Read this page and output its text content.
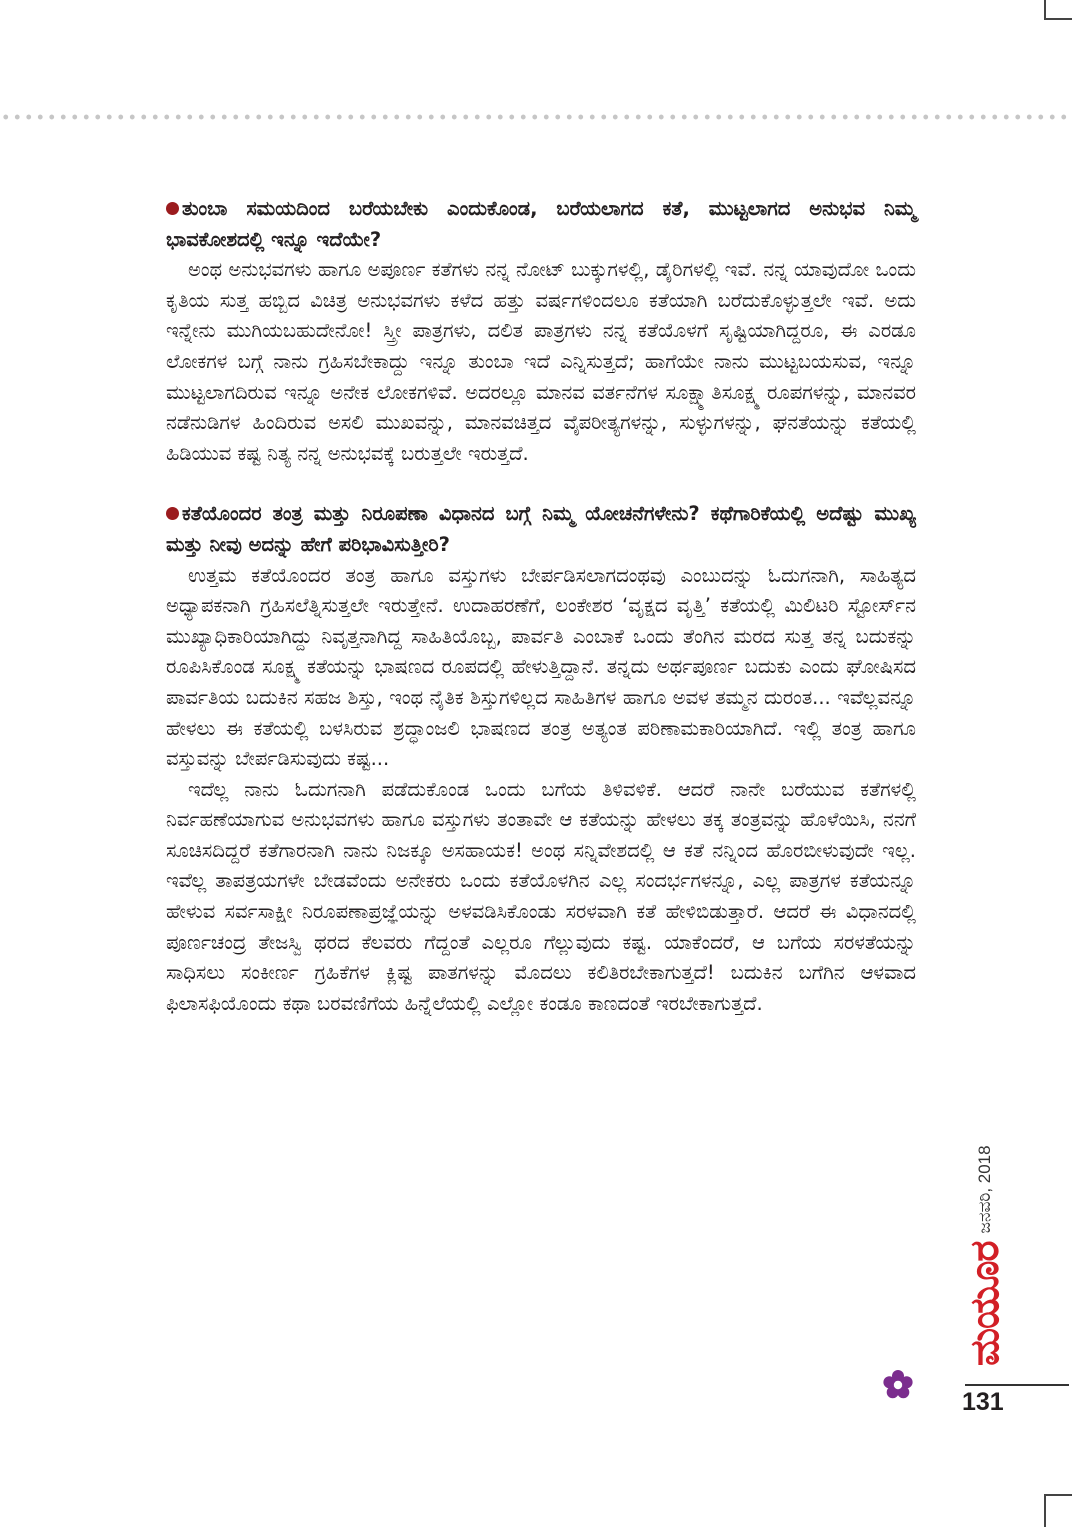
ತುಂಬಾ ಸಮಯದಿಂದ ಬರೆಯಬೇಕು ಎಂದುಕೊಂಡ, ಬರೆಯಲಾಗದ ಕತೆ, ಮುಟ್ಟಲಾಗದ ಅನುಭವ ನಿಮ್ಮ ಭಾವಕೋಶದಲ್ಲಿ ಇನ್ನೂ ಇದೆಯೇ?

ಅಂಥ ಅನುಭವಗಳು ಹಾಗೂ ಅಪೂರ್ಣ ಕತೆಗಳು ನನ್ನ ನೋಟ್ ಬುಕ್ಕುಗಳಲ್ಲಿ, ಡೈರಿಗಳಲ್ಲಿ ಇವೆ. ನನ್ನ ಯಾವುದೋ ಒಂದು ಕೃತಿಯ ಸುತ್ತ ಹಬ್ಬಿದ ವಿಚಿತ್ರ ಅನುಭವಗಳು ಕಳೆದ ಹತ್ತು ವರ್ಷಗಳಿಂದಲೂ ಕತೆಯಾಗಿ ಬರೆದುಕೊಳ್ಳುತ್ತಲೇ ಇವೆ. ಅದು ಇನ್ನೇನು ಮುಗಿಯಬಹುದೇನೋ! ಸ್ತ್ರೀ ಪಾತ್ರಗಳು, ದಲಿತ ಪಾತ್ರಗಳು ನನ್ನ ಕತೆಯೊಳಗೆ ಸೃಷ್ಟಿಯಾಗಿದ್ದರೂ, ಈ ಎರಡೂ ಲೋಕಗಳ ಬಗ್ಗೆ ನಾನು ಗ್ರಹಿಸಬೇಕಾದ್ದು ಇನ್ನೂ ತುಂಬಾ ಇದೆ ಎನ್ನಿಸುತ್ತದೆ; ಹಾಗೆಯೇ ನಾನು ಮುಟ್ಟಬಯಸುವ, ಇನ್ನೂ ಮುಟ್ಟಲಾಗದಿರುವ ಇನ್ನೂ ಅನೇಕ ಲೋಕಗಳಿವೆ. ಅದರಲ್ಲೂ ಮಾನವ ವರ್ತನೆಗಳ ಸೂಕ್ಷ್ಮಾತಿಸೂಕ್ಷ್ಮ ರೂಪಗಳನ್ನು, ಮಾನವರ ನಡೆನುಡಿಗಳ ಹಿಂದಿರುವ ಅಸಲಿ ಮುಖವನ್ನು, ಮಾನವಚಿತ್ತದ ವೈಪರೀತ್ಯಗಳನ್ನು, ಸುಳ್ಳುಗಳನ್ನು, ಘನತೆಯನ್ನು ಕತೆಯಲ್ಲಿ ಹಿಡಿಯುವ ಕಷ್ಟ ನಿತ್ಯ ನನ್ನ ಅನುಭವಕ್ಕೆ ಬರುತ್ತಲೇ ಇರುತ್ತದೆ.

ಕತೆಯೊಂದರ ತಂತ್ರ ಮತ್ತು ನಿರೂಪಣಾ ವಿಧಾನದ ಬಗ್ಗೆ ನಿಮ್ಮ ಯೋಚನೆಗಳೇನು? ಕಥೆಗಾರಿಕೆಯಲ್ಲಿ ಅದೆಷ್ಟು ಮುಖ್ಯ ಮತ್ತು ನೀವು ಅದನ್ನು ಹೇಗೆ ಪರಿಭಾವಿಸುತ್ತೀರಿ?

ಉತ್ತಮ ಕತೆಯೊಂದರ ತಂತ್ರ ಹಾಗೂ ವಸ್ತುಗಳು ಬೇರ್ಪಡಿಸಲಾಗದಂಥವು ಎಂಬುದನ್ನು ಓದುಗನಾಗಿ, ಸಾಹಿತ್ಯದ ಅಧ್ಯಾಪಕನಾಗಿ ಗ್ರಹಿಸಲೆತ್ನಿಸುತ್ತಲೇ ಇರುತ್ತೇನೆ. ಉದಾಹರಣೆಗೆ, ಲಂಕೇಶರ ‘ವೃಕ್ಷದ ವೃತ್ತಿ’ ಕತೆಯಲ್ಲಿ ಮಿಲಿಟರಿ ಸ್ಟೋರ್ಸ್‌ನ ಮುಖ್ಯಾಧಿಕಾರಿಯಾಗಿದ್ದು ನಿವೃತ್ತನಾಗಿದ್ದ ಸಾಹಿತಿಯೊಬ್ಬ, ಪಾರ್ವತಿ ಎಂಬಾಕೆ ಒಂದು ತೆಂಗಿನ ಮರದ ಸುತ್ತ ತನ್ನ ಬದುಕನ್ನು ರೂಪಿಸಿಕೊಂಡ ಸೂಕ್ಷ್ಮ ಕತೆಯನ್ನು ಭಾಷಣದ ರೂಪದಲ್ಲಿ ಹೇಳುತ್ತಿದ್ದಾನೆ. ತನ್ನದು ಅರ್ಥಪೂರ್ಣ ಬದುಕು ಎಂದು ಘೋಷಿಸದ ಪಾರ್ವತಿಯ ಬದುಕಿನ ಸಹಜ ಶಿಸ್ತು, ಇಂಥ ನೈತಿಕ ಶಿಸ್ತುಗಳಿಲ್ಲದ ಸಾಹಿತಿಗಳ ಹಾಗೂ ಅವಳ ತಮ್ಮನ ದುರಂತ... ಇವೆಲ್ಲವನ್ನೂ ಹೇಳಲು ಈ ಕತೆಯಲ್ಲಿ ಬಳಸಿರುವ ಶ್ರದ್ಧಾಂಜಲಿ ಭಾಷಣದ ತಂತ್ರ ಅತ್ಯಂತ ಪರಿಣಾಮಕಾರಿಯಾಗಿದೆ. ಇಲ್ಲಿ ತಂತ್ರ ಹಾಗೂ ವಸ್ತುವನ್ನು ಬೇರ್ಪಡಿಸುವುದು ಕಷ್ಟ...

ಇದೆಲ್ಲ ನಾನು ಓದುಗನಾಗಿ ಪಡೆದುಕೊಂಡ ಒಂದು ಬಗೆಯ ತಿಳಿವಳಿಕೆ. ಆದರೆ ನಾನೇ ಬರೆಯುವ ಕತೆಗಳಲ್ಲಿ ನಿರ್ವಹಣೆಯಾಗುವ ಅನುಭವಗಳು ಹಾಗೂ ವಸ್ತುಗಳು ತಂತಾವೇ ಆ ಕತೆಯನ್ನು ಹೇಳಲು ತಕ್ಕ ತಂತ್ರವನ್ನು ಹೊಳೆಯಿಸಿ, ನನಗೆ ಸೂಚಿಸದಿದ್ದರೆ ಕತೆಗಾರನಾಗಿ ನಾನು ನಿಜಕ್ಕೂ ಅಸಹಾಯಕ! ಅಂಥ ಸನ್ನಿವೇಶದಲ್ಲಿ ಆ ಕತೆ ನನ್ನಿಂದ ಹೊರಬೀಳುವುದೇ ಇಲ್ಲ. ಇವೆಲ್ಲ ತಾಪತ್ರಯಗಳೇ ಬೇಡವೆಂದು ಅನೇಕರು ಒಂದು ಕತೆಯೊಳಗಿನ ಎಲ್ಲ ಸಂದರ್ಭಗಳನ್ನೂ, ಎಲ್ಲ ಪಾತ್ರಗಳ ಕತೆಯನ್ನೂ ಹೇಳುವ ಸರ್ವಸಾಕ್ಷೀ ನಿರೂಪಣಾಪ್ರಜ್ಞೆಯನ್ನು ಅಳವಡಿಸಿಕೊಂಡು ಸರಳವಾಗಿ ಕತೆ ಹೇಳಿಬಿಡುತ್ತಾರೆ. ಆದರೆ ಈ ವಿಧಾನದಲ್ಲಿ ಪೂರ್ಣಚಂದ್ರ ತೇಜಸ್ವಿ ಥರದ ಕೆಲವರು ಗೆದ್ದಂತೆ ಎಲ್ಲರೂ ಗೆಲ್ಲುವುದು ಕಷ್ಟ. ಯಾಕೆಂದರೆ, ಆ ಬಗೆಯ ಸರಳತೆಯನ್ನು ಸಾಧಿಸಲು ಸಂಕೀರ್ಣ ಗ್ರಹಿಕೆಗಳ ಕ್ಲಿಷ್ಟ ಪಾತಗಳನ್ನು ಮೊದಲು ಕಲಿತಿರಬೇಕಾಗುತ್ತದೆ! ಬದುಕಿನ ಬಗೆಗಿನ ಆಳವಾದ ಫಿಲಾಸಫಿಯೊಂದು ಕಥಾ ಬರವಣಿಗೆಯ ಹಿನ್ನೆಲೆಯಲ್ಲಿ ಎಲ್ಲೋ ಕಂಡೂ ಕಾಣದಂತೆ ಇರಬೇಕಾಗುತ್ತದೆ.

ಮಯೂರಜನವರಿ, 2018
131
